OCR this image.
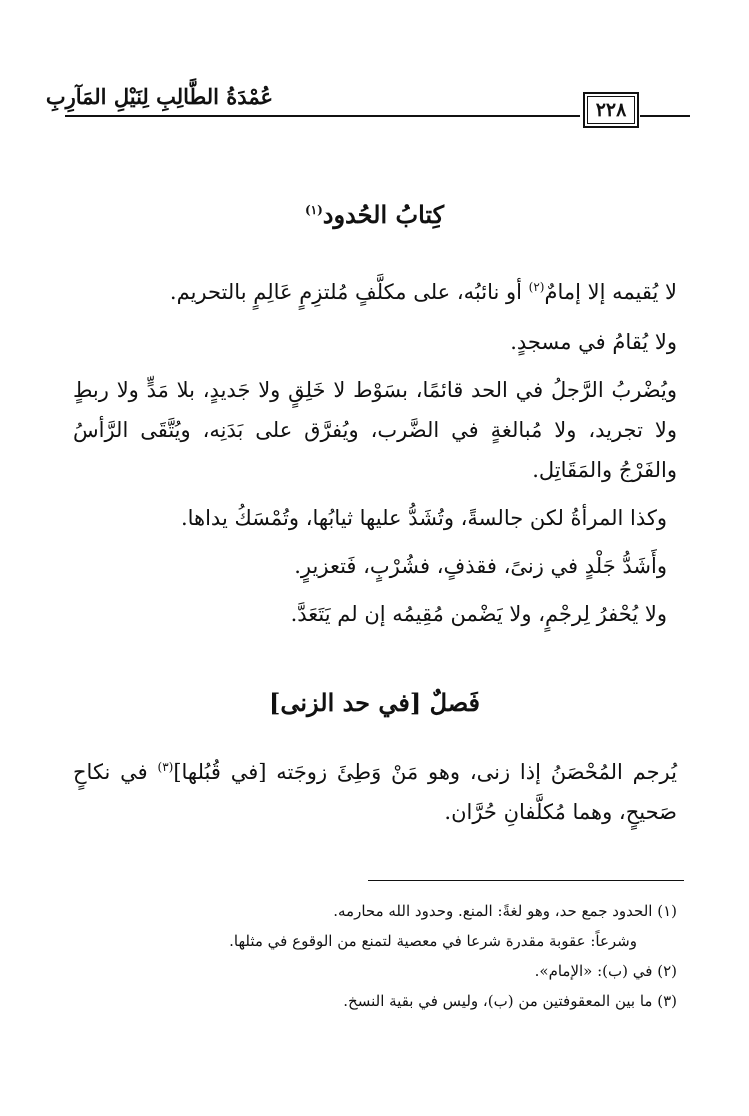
عُمْدَةُ الطَّالِبِ لِنَيْلِ المَآرِبِ
٢٢٨
كِتابُ الحُدود$^{(١)}$

لا يُقيمه إلا إمامٌ$^{(٢)}$ أو نائبُه، على مكلَّفٍ مُلتزِمٍ عَالِمٍ بالتحريم.

ولا يُقامُ في مسجدٍ.

ويُضْربُ الرَّجلُ في الحد قائمًا، بسَوْط لا خَلِقٍ ولا جَديدٍ، بلا مَدٍّ ولا ربطٍ ولا تجريد، ولا مُبالغةٍ في الضَّرب، ويُفرَّق على بَدَنِه، ويُتَّقَى الرَّأسُ والفَرْجُ والمَقَاتِل.

وكذا المرأةُ لكن جالسةً، وتُشَدُّ عليها ثيابُها، وتُمْسَكُ يداها.

وأَشَدُّ جَلْدٍ في زنىً، فقذفٍ، فشُرْبٍ، فَتعزيرٍ.

ولا يُحْفرُ لِرجْمٍ، ولا يَضْمن مُقِيمُه إن لم يَتَعَدَّ.

فَصلٌ [في حد الزنى]

يُرجم المُحْصَنُ إذا زنى، وهو مَنْ وَطِئَ زوجَته [في قُبُلها]$^{(٣)}$ في نكاحٍ صَحيحٍ، وهما مُكلَّفانِ حُرَّان.

(١) الحدود جمع حد، وهو لغةً: المنع. وحدود الله محارمه.

وشرعاً: عقوبة مقدرة شرعا في معصية لتمنع من الوقوع في مثلها.

(٢) في (ب): «الإمام».

(٣) ما بين المعقوفتين من (ب)، وليس في بقية النسخ.
